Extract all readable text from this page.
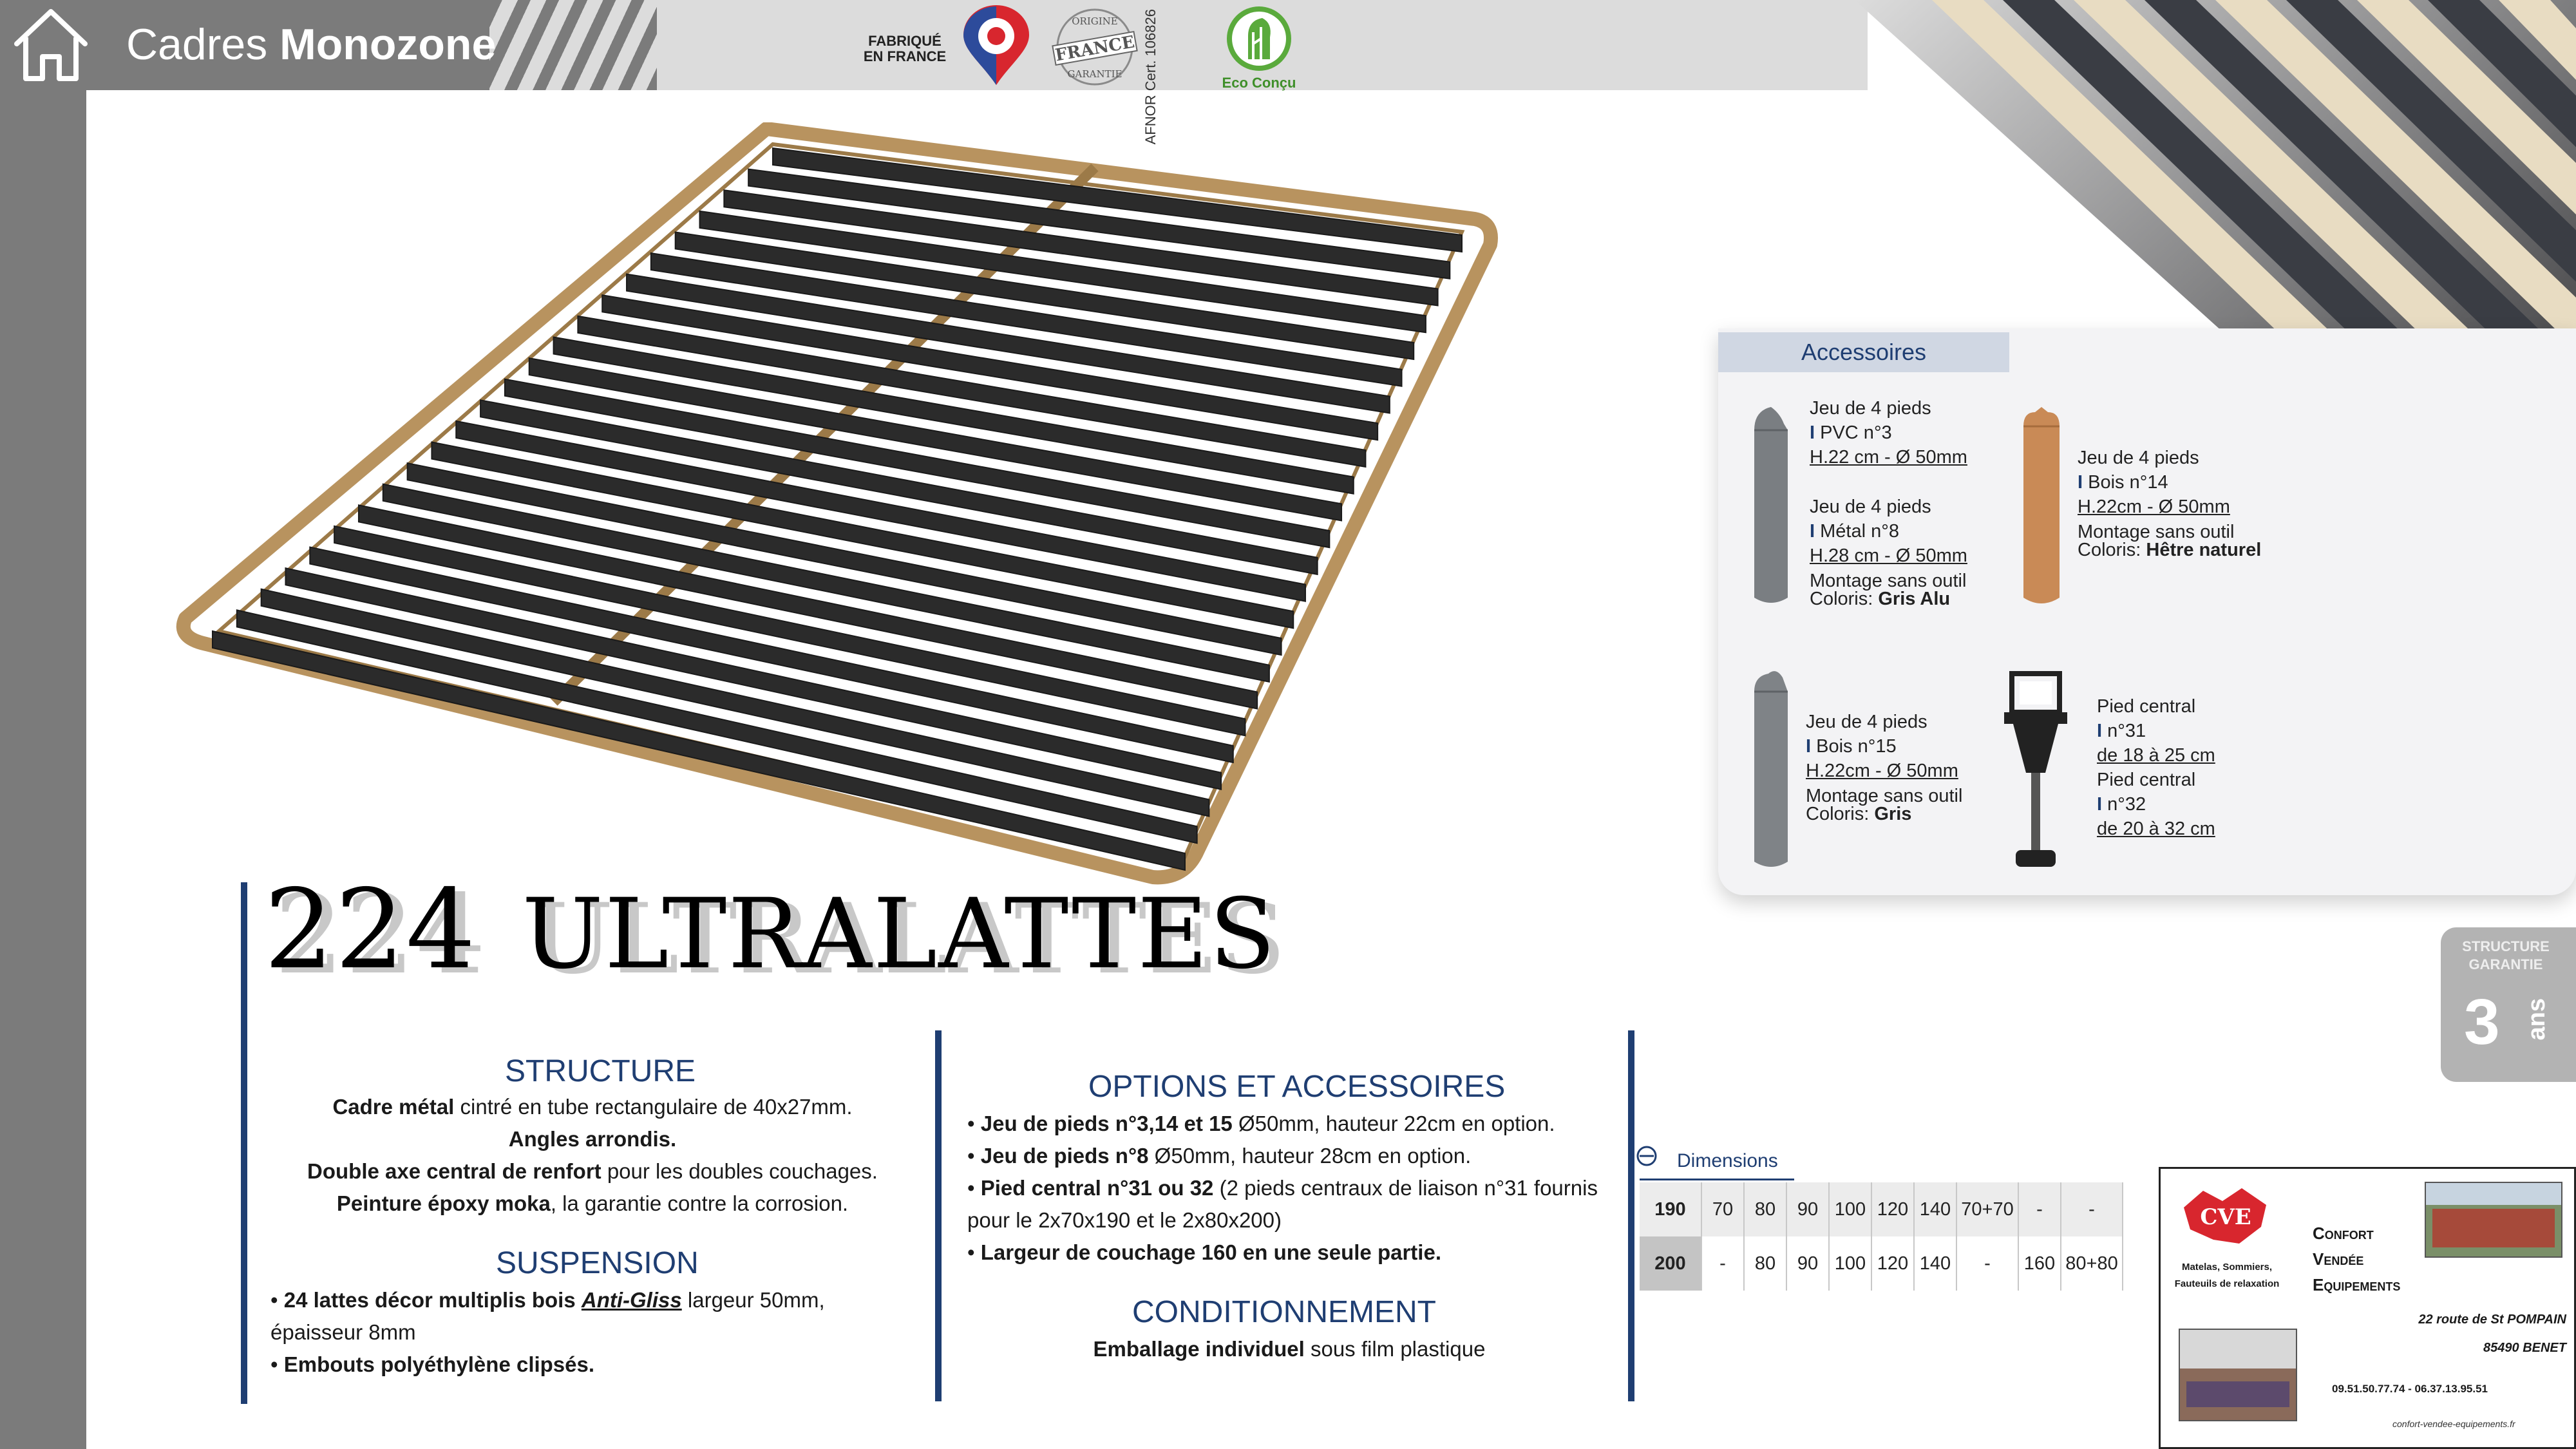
Cadres Monozone	FABRIQUÉ EN FRANCE
ORIGINE
FRANCE
GARANTIE AFNOR Cert. 106826	Eco Conçu
Accessoires
Jeu de 4 pieds
I PVC n°3
H.22 cm - Ø 50mm
Jeu de 4 pieds
I Métal n°8
H.28 cm - Ø 50mm
Montage sans outil
Coloris: Gris Alu
Jeu de 4 pieds
I Bois n°14
H.22cm - Ø 50mm
Montage sans outil
Coloris: Hêtre naturel
Jeu de 4 pieds
I Bois n°15
H.22cm - Ø 50mm
Montage sans outil
Coloris: Gris
Pied central
I n°31
de 18 à 25 cm
Pied central
I n°32
de 20 à 32 cm
224 ULTRALATTES
STRUCTURE
Cadre métal cintré en tube rectangulaire de 40x27mm.
Angles arrondis.
Double axe central de renfort pour les doubles couchages.
Peinture époxy moka, la garantie contre la corrosion.
SUSPENSION
• 24 lattes décor multiplis bois Anti-Gliss largeur 50mm, épaisseur 8mm
• Embouts polyéthylène clipsés.
OPTIONS ET ACCESSOIRES
• Jeu de pieds n°3,14 et 15 Ø50mm, hauteur 22cm en option.
• Jeu de pieds n°8 Ø50mm, hauteur 28cm en option.
• Pied central n°31 ou 32 (2 pieds centraux de liaison n°31 fournis pour le 2x70x190 et le 2x80x200)
• Largeur de couchage 160 en une seule partie.
CONDITIONNEMENT
Emballage individuel sous film plastique
Dimensions
190	70	80	90	100	120	140	70+70	-	-
200	-	80	90	100	120	140	-	160	80+80
STRUCTURE
GARANTIE
3 ans
CVE
Matelas, Sommiers,
Fauteuils de relaxation
Confort
Vendée
Equipements
22 route de St POMPAIN
85490 BENET
09.51.50.77.74 - 06.37.13.95.51
confort-vendee-equipements.fr
